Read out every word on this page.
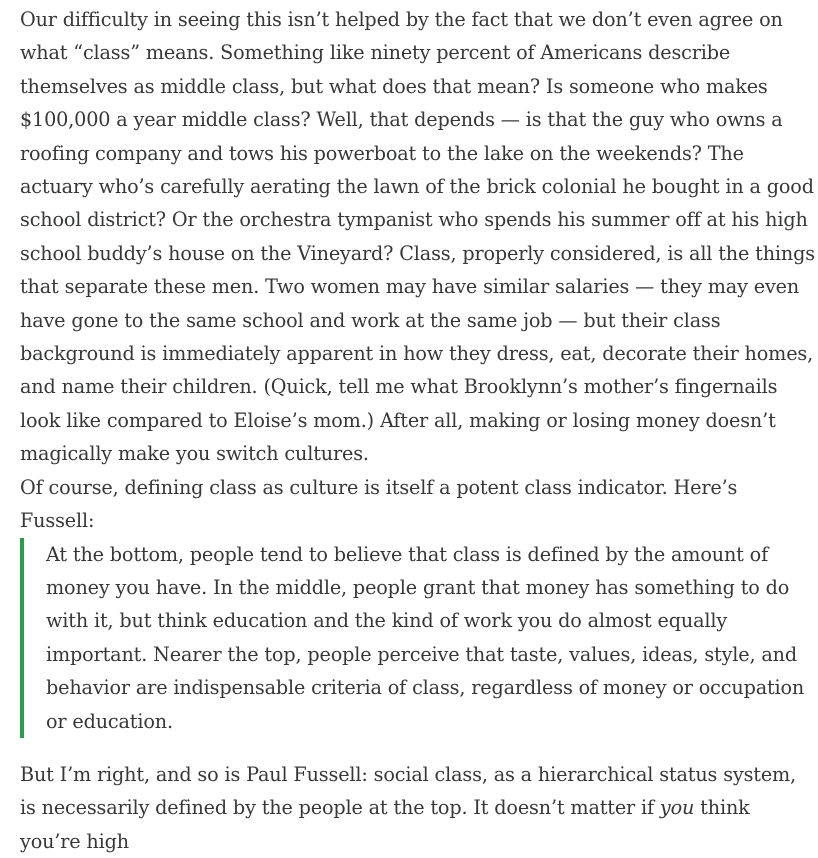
Our difficulty in seeing this isn’t helped by the fact that we don’t even agree on what “class” means. Something like ninety percent of Americans describe themselves as middle class, but what does that mean? Is someone who makes $100,000 a year middle class? Well, that depends — is that the guy who owns a roofing company and tows his powerboat to the lake on the weekends? The actuary who’s carefully aerating the lawn of the brick colonial he bought in a good school district? Or the orchestra tympanist who spends his summer off at his high school buddy’s house on the Vineyard? Class, properly considered, is all the things that separate these men. Two women may have similar salaries — they may even have gone to the same school and work at the same job — but their class background is immediately apparent in how they dress, eat, decorate their homes, and name their children. (Quick, tell me what Brooklynn’s mother’s fingernails look like compared to Eloise’s mom.) After all, making or losing money doesn’t magically make you switch cultures.

Of course, defining class as culture is itself a potent class indicator. Here’s Fussell:

At the bottom, people tend to believe that class is defined by the amount of money you have. In the middle, people grant that money has something to do with it, but think education and the kind of work you do almost equally important. Nearer the top, people perceive that taste, values, ideas, style, and behavior are indispensable criteria of class, regardless of money or occupation or education.

But I’m right, and so is Paul Fussell: social class, as a hierarchical status system, is necessarily defined by the people at the top. It doesn’t matter if you think you’re high
